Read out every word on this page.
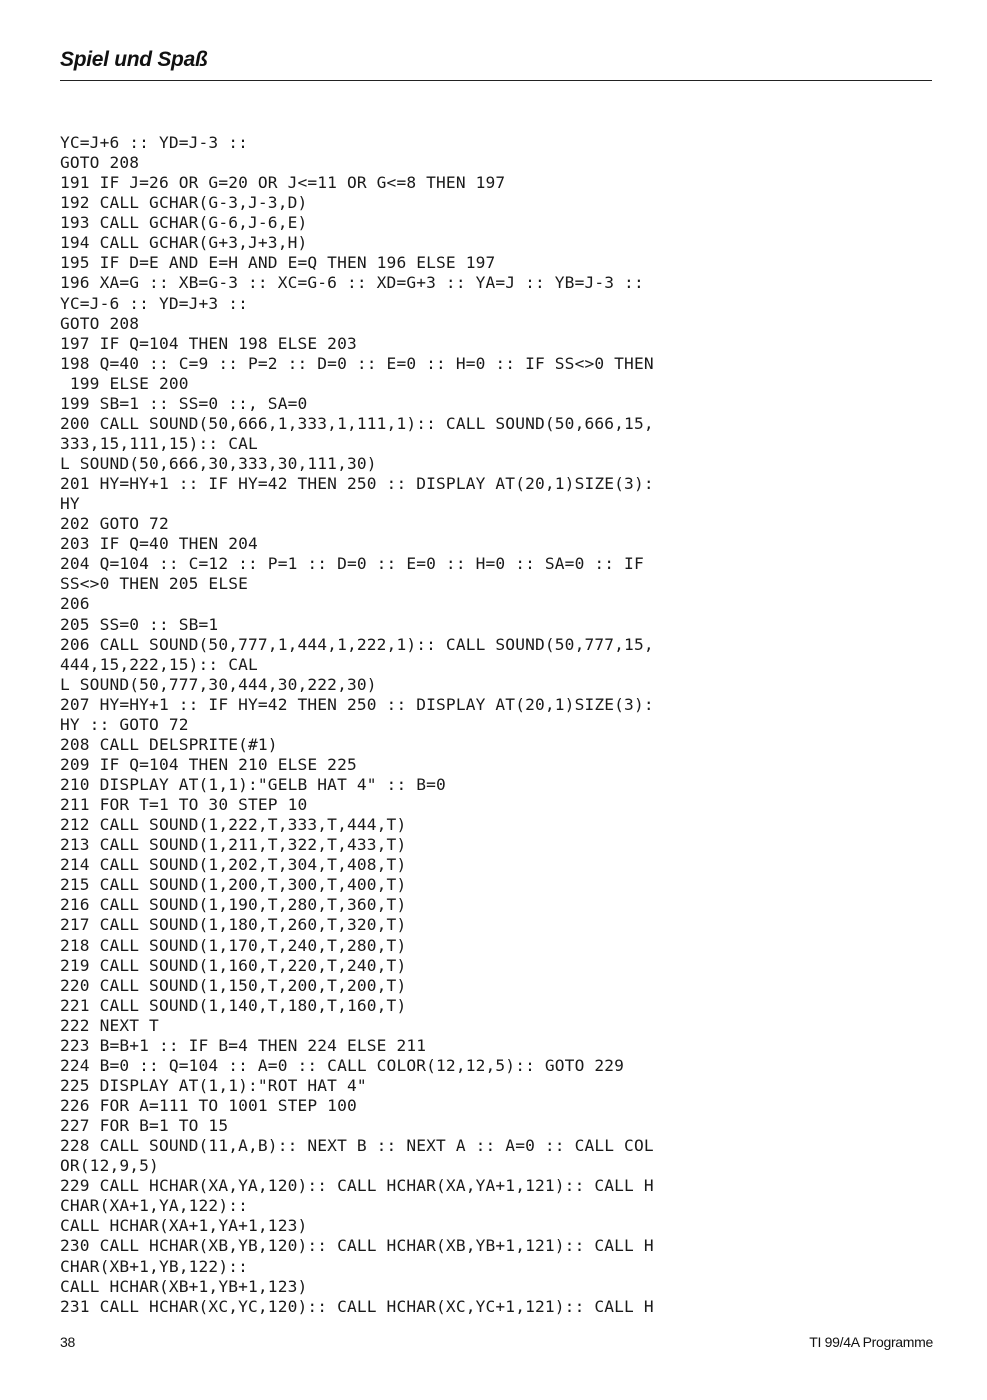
Spiel und Spaß
YC=J+6 :: YD=J-3 ::
GOTO 208
191 IF J=26 OR G=20 OR J<=11 OR G<=8 THEN 197
192 CALL GCHAR(G-3,J-3,D)
193 CALL GCHAR(G-6,J-6,E)
194 CALL GCHAR(G+3,J+3,H)
195 IF D=E AND E=H AND E=Q THEN 196 ELSE 197
196 XA=G :: XB=G-3 :: XC=G-6 :: XD=G+3 :: YA=J :: YB=J-3 ::
YC=J-6 :: YD=J+3 ::
GOTO 208
197 IF Q=104 THEN 198 ELSE 203
198 Q=40 :: C=9 :: P=2 :: D=0 :: E=0 :: H=0 :: IF SS<>0 THEN
199 ELSE 200
199 SB=1 :: SS=0 ::, SA=0
200 CALL SOUND(50,666,1,333,1,111,1):: CALL SOUND(50,666,15,
333,15,111,15):: CAL
L SOUND(50,666,30,333,30,111,30)
201 HY=HY+1 :: IF HY=42 THEN 250 :: DISPLAY AT(20,1)SIZE(3):
HY
202 GOTO 72
203 IF Q=40 THEN 204
204 Q=104 :: C=12 :: P=1 :: D=0 :: E=0 :: H=0 :: SA=0 :: IF
SS<>0 THEN 205 ELSE
206
205 SS=0 :: SB=1
206 CALL SOUND(50,777,1,444,1,222,1):: CALL SOUND(50,777,15,
444,15,222,15):: CAL
L SOUND(50,777,30,444,30,222,30)
207 HY=HY+1 :: IF HY=42 THEN 250 :: DISPLAY AT(20,1)SIZE(3):
HY :: GOTO 72
208 CALL DELSPRITE(#1)
209 IF Q=104 THEN 210 ELSE 225
210 DISPLAY AT(1,1):"GELB HAT 4" :: B=0
211 FOR T=1 TO 30 STEP 10
212 CALL SOUND(1,222,T,333,T,444,T)
213 CALL SOUND(1,211,T,322,T,433,T)
214 CALL SOUND(1,202,T,304,T,408,T)
215 CALL SOUND(1,200,T,300,T,400,T)
216 CALL SOUND(1,190,T,280,T,360,T)
217 CALL SOUND(1,180,T,260,T,320,T)
218 CALL SOUND(1,170,T,240,T,280,T)
219 CALL SOUND(1,160,T,220,T,240,T)
220 CALL SOUND(1,150,T,200,T,200,T)
221 CALL SOUND(1,140,T,180,T,160,T)
222 NEXT T
223 B=B+1 :: IF B=4 THEN 224 ELSE 211
224 B=0 :: Q=104 :: A=0 :: CALL COLOR(12,12,5):: GOTO 229
225 DISPLAY AT(1,1):"ROT HAT 4"
226 FOR A=111 TO 1001 STEP 100
227 FOR B=1 TO 15
228 CALL SOUND(11,A,B):: NEXT B :: NEXT A :: A=0 :: CALL COL
OR(12,9,5)
229 CALL HCHAR(XA,YA,120):: CALL HCHAR(XA,YA+1,121):: CALL H
CHAR(XA+1,YA,122)::
CALL HCHAR(XA+1,YA+1,123)
230 CALL HCHAR(XB,YB,120):: CALL HCHAR(XB,YB+1,121):: CALL H
CHAR(XB+1,YB,122)::
CALL HCHAR(XB+1,YB+1,123)
231 CALL HCHAR(XC,YC,120):: CALL HCHAR(XC,YC+1,121):: CALL H
38	TI 99/4A Programme
